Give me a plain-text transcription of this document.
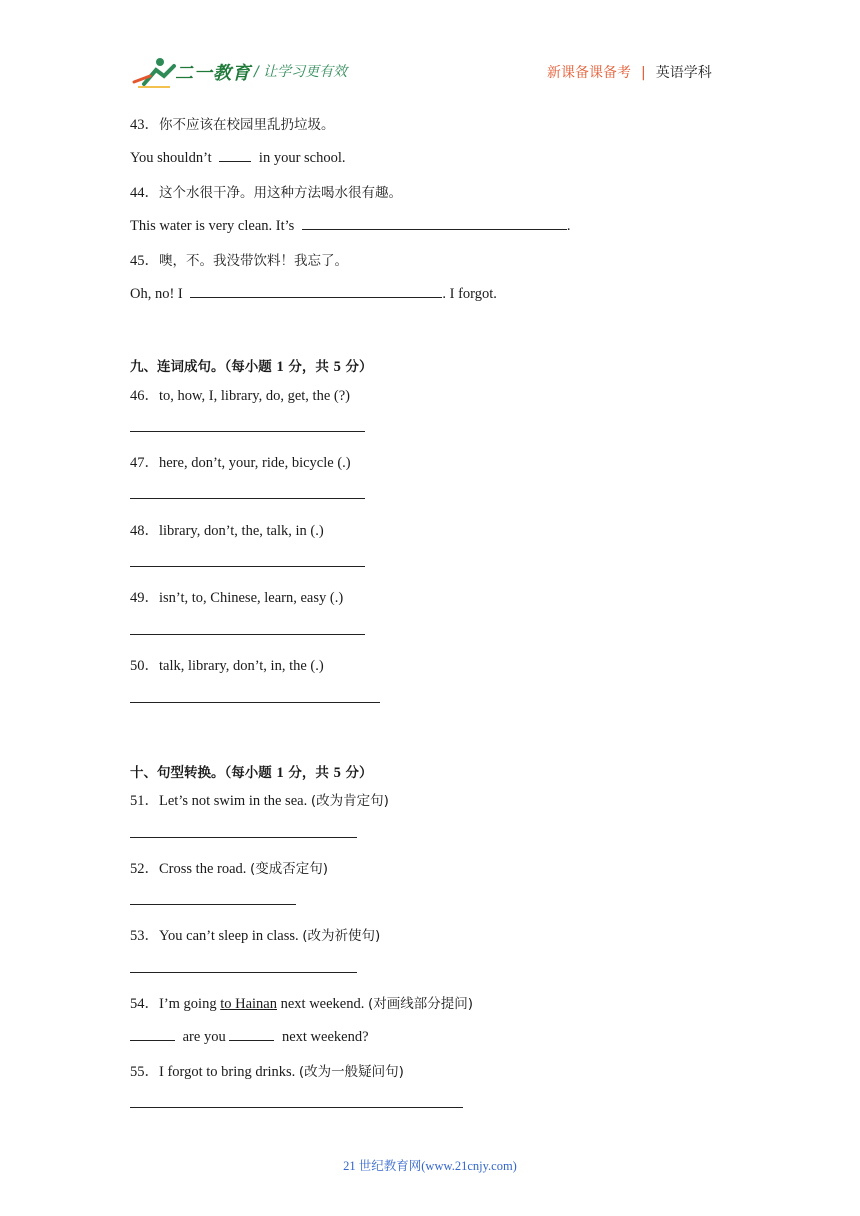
二一教育 / 让学习更有效	新课备课备考 | 英语学科
43．你不应该在校园里乱扔垃圾。
You shouldn’t	in your school.
44．这个水很干净。用这种方法喝水很有趣。
This water is very clean. It’s	.
45．噢，不。我没带饮料！我忘了。
Oh, no! I	. I forgot.
九、连词成句。（每小题 1 分，共 5 分）
46．to, how, I, library, do, get, the (?)
47．here, don’t, your, ride, bicycle (.)
48．library, don’t, the, talk, in (.)
49．isn’t, to, Chinese, learn, easy (.)
50．talk, library, don’t, in, the (.)
十、句型转换。（每小题 1 分，共 5 分）
51．Let’s not swim in the sea. (改为肯定句)
52．Cross the road. (变成否定句)
53．You can’t sleep in class. (改为祈使句)
54．I’m going to Hainan next weekend. (对画线部分提问)
are you	next weekend?
55．I forgot to bring drinks. (改为一般疑问句)
21 世纪教育网(www.21cnjy.com)
